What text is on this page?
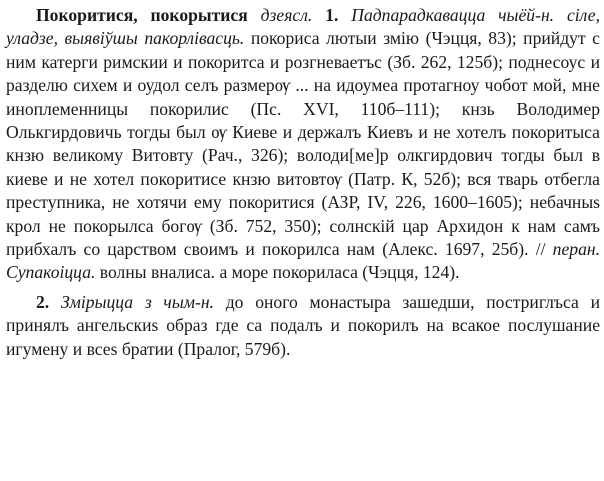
Покоритися, покорытися дзеясл. 1. Падпарадкавацца чыёй-н. сіле, уладзе, выявіўшы пакорлівасць. покориса лютыи змію (Чэцця, 83); прийдут с ним катерги римскии и покоритса и розгневаетъс (Зб. 262, 125б); поднесоус и разделю сихем и оудол селъ размерѹ ... на идоумеа протагноу чобот мой, мне иноплеменницы покорилис (Пс. XVI, 110б–111); кнзь Володимер Олькгирдовичь тогды был ѹ Киеве и держалъ Киевъ и не хотелъ покоритыса кнзю великому Витовту (Рач., 326); володи[ме]р олкгирдович тогды был в киеве и не хотел покоритисе кнзю витовтѹ (Патр. К, 52б); вся тварь отбегла преступника, не хотячи ему покоритися (АЗР, IV, 226, 1600–1605); небачныѕ крол не покорылса богѹ (Зб. 752, 350); солнскій цар Архидон к нам самъ прибхалъ со царством своимъ и покорилса нам (Алекс. 1697, 25б). // перан. Супакоіцца. волны вналиса. а море покориласа (Чэцця, 124).

2. Змірыцца з чым-н. до оного монастыра зашедши, постриглъса и принялъ ангельскиѕ образ где са подалъ и покорилъ на всакое послушание игумену и всеѕ братии (Пралог, 579б).
